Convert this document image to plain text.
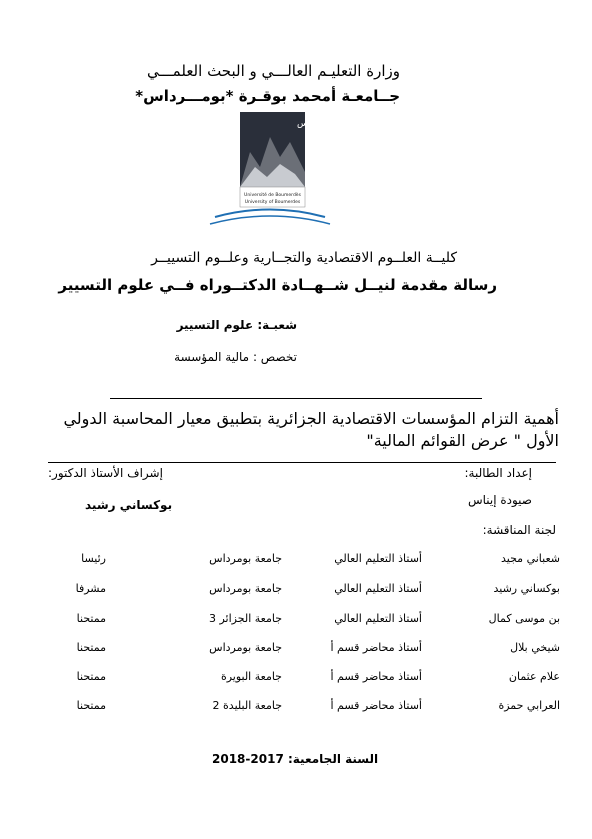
وزارة التعليـم العالـــي و البحث العلمـــي
جــامعـة أمحمد بوقـرة *بومـــرداس*
جامعة بومرداس
Université de Boumerdès
University of Boumerdes
كليــة العلــوم الاقتصادية والتجــارية وعلــوم التسييــر
رسالة مقدمة لنيــل شــهــادة الدكتــوراه فــي علوم التسيير
شعبـة: علوم التسيير
تخصص : مالية المؤسسة
أهمية التزام المؤسسات الاقتصادية الجزائرية بتطبيق معيار المحاسبة الدولي
الأول " عرض القوائم المالية"
إعداد الطالبة:
إشراف الأستاذ الدكتور:
صيودة إيناس
بوكساني رشيد
لجنة المناقشة:
شعباني مجيد
أستاذ التعليم العالي
جامعة بومرداس
رئيسا
بوكساني رشيد
أستاذ التعليم العالي
جامعة بومرداس
مشرفا
بن موسى كمال
أستاذ التعليم العالي
جامعة الجزائر 3
ممتحنا
شيخي بلال
أستاذ محاضر قسم أ
جامعة بومرداس
ممتحنا
علام عثمان
أستاذ محاضر قسم أ
جامعة البويرة
ممتحنا
العرابي حمزة
أستاذ محاضر قسم أ
جامعة البليدة 2
ممتحنا
السنة الجامعية: 2017-2018
